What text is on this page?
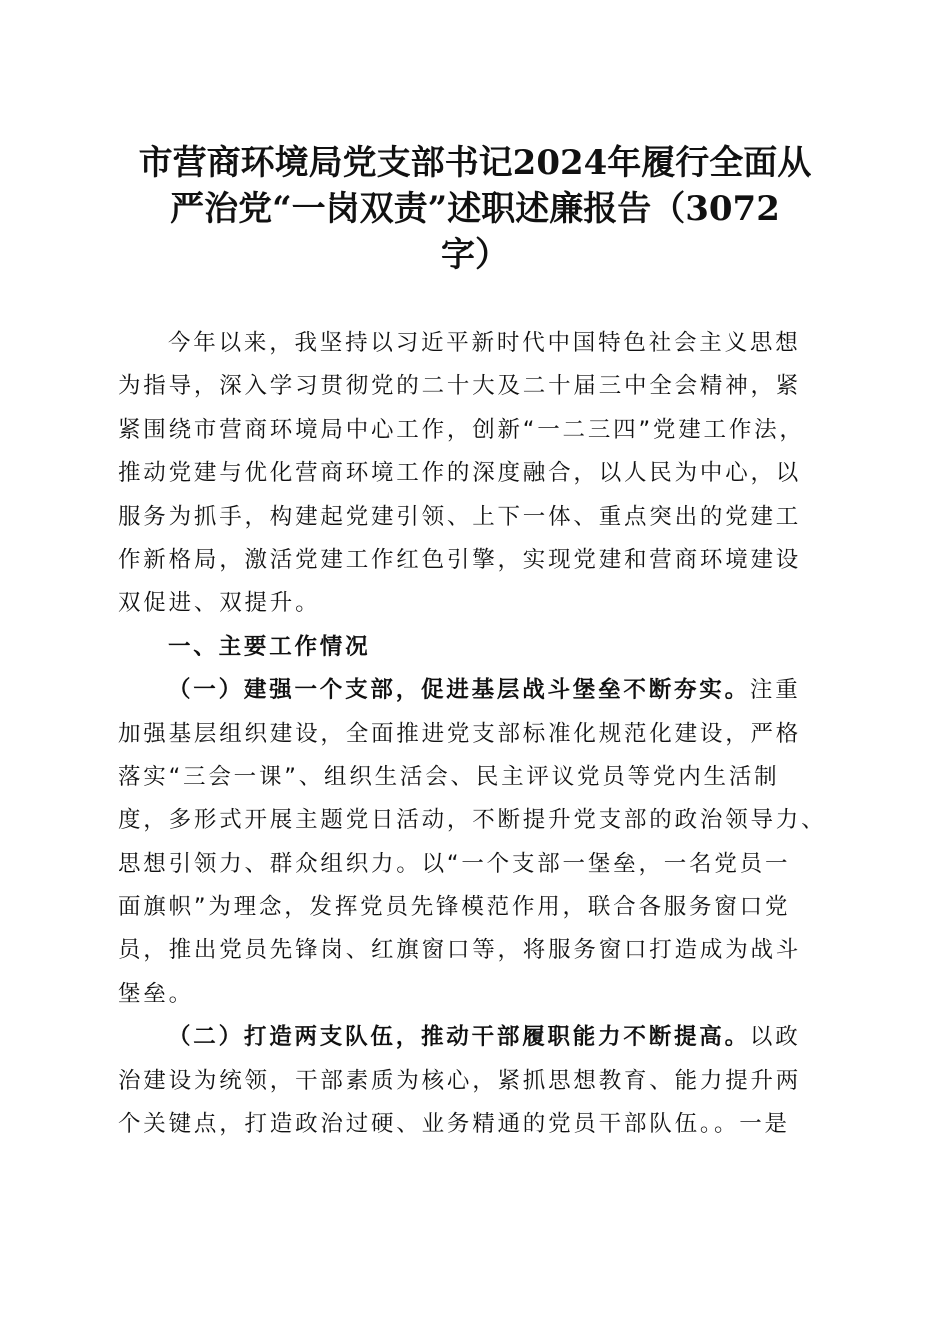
市营商环境局党支部书记2024年履行全面从
严治党“一岗双责”述职述廉报告（3072
字）
今年以来，我坚持以习近平新时代中国特色社会主义思想
为指导，深入学习贯彻党的二十大及二十届三中全会精神，紧
紧围绕市营商环境局中心工作，创新“一二三四”党建工作法，
推动党建与优化营商环境工作的深度融合，以人民为中心，以
服务为抓手，构建起党建引领、上下一体、重点突出的党建工
作新格局，激活党建工作红色引擎，实现党建和营商环境建设
双促进、双提升。
一、主要工作情况
（一）建强一个支部，促进基层战斗堡垒不断夯实。注重
加强基层组织建设，全面推进党支部标准化规范化建设，严格
落实“三会一课”、组织生活会、民主评议党员等党内生活制
度，多形式开展主题党日活动，不断提升党支部的政治领导力、
思想引领力、群众组织力。以“一个支部一堡垒，一名党员一
面旗帜”为理念，发挥党员先锋模范作用，联合各服务窗口党
员，推出党员先锋岗、红旗窗口等，将服务窗口打造成为战斗
堡垒。
（二）打造两支队伍，推动干部履职能力不断提高。以政
治建设为统领，干部素质为核心，紧抓思想教育、能力提升两
个关键点，打造政治过硬、业务精通的党员干部队伍。。一是
